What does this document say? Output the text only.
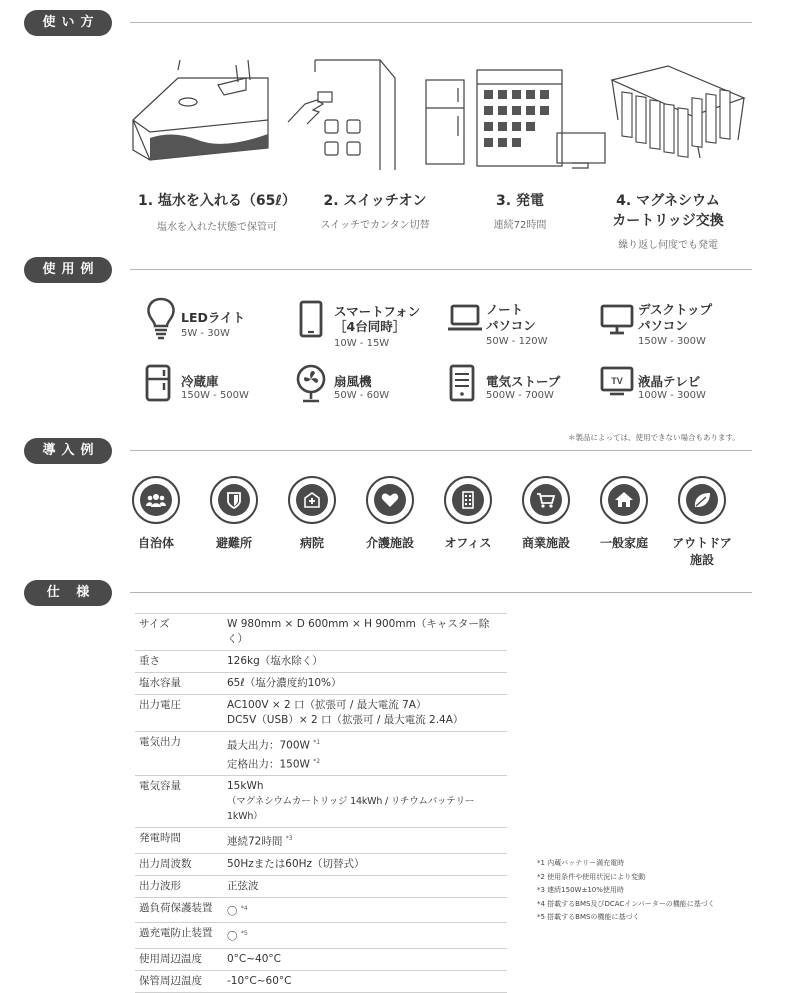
使い方
1. 塩水を入れる（65ℓ）
塩水を入れた状態で保管可
2. スイッチオン
スイッチでカンタン切替
3. 発電
連続72時間
4. マグネシウム
カートリッジ交換
繰り返し何度でも発電
使用例
LEDライト
5W - 30W
スマートフォン
［4台同時］
10W - 15W
ノート
パソコン
50W - 120W
デスクトップ
パソコン
150W - 300W
冷蔵庫
150W - 500W
扇風機
50W - 60W
電気ストーブ
500W - 700W
TV 液晶テレビ
100W - 300W
＊製品によっては、使用できない場合もあります。
導入例
自治体	避難所	病院	介護施設	オフィス	商業施設	一般家庭	アウトドア
施設
仕 様
サイズ	W 980mm × D 600mm × H 900mm（キャスター除く）
重さ	126kg（塩水除く）
塩水容量	65ℓ（塩分濃度約10%）
出力電圧	AC100V × 2 口（拡張可 / 最大電流 7A）
DC5V（USB）× 2 口（拡張可 / 最大電流 2.4A）

電気出力	最大出力：700W $^{*1}$
定格出力：150W $^{*2}$

電気容量	15kWh
（マグネシウムカートリッジ 14kWh / リチウムバッテリー 1kWh）

発電時間	連続72時間 $^{*3}$
出力周波数	50Hzまたは60Hz（切替式）
出力波形	正弦波
過負荷保護装置	〇 $^{*4}$
過充電防止装置	〇 $^{*5}$
使用周辺温度	0°C~40°C
保管周辺温度	-10°C~60°C
*1 内蔵バッテリー満充電時
*2 使用条件や使用状況により変動
*3 連続150W±10%使用時
*4 搭載するBMS及びDCACインバーターの機能に基づく
*5 搭載するBMSの機能に基づく
